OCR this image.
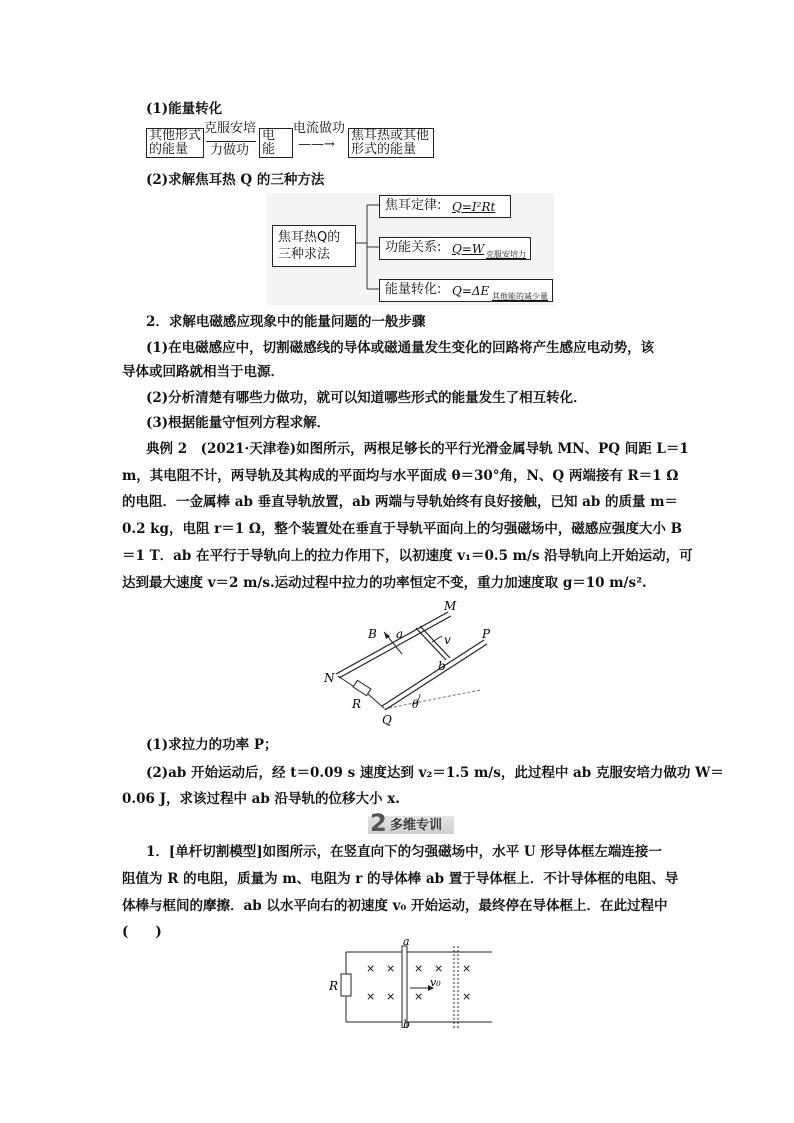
(1)能量转化
其他形式
的能量
克服安培
力做功
电
能
电流做功
——→
焦耳热或其他
形式的能量
(2)求解焦耳热 Q 的三种方法
焦耳热Q的
三种求法
焦耳定律: Q=I²Rt
功能关系: Q=W 克服安培力
能量转化: Q=ΔE 其他能的减少量
2．求解电磁感应现象中的能量问题的一般步骤
(1)在电磁感应中，切割磁感线的导体或磁通量发生变化的回路将产生感应电动势，该
导体或回路就相当于电源．
(2)分析清楚有哪些力做功，就可以知道哪些形式的能量发生了相互转化．
(3)根据能量守恒列方程求解．
典例 2　(2021·天津卷)如图所示，两根足够长的平行光滑金属导轨 MN、PQ 间距 L＝1
m，其电阻不计，两导轨及其构成的平面均与水平面成 θ＝30°角，N、Q 两端接有 R＝1 Ω
的电阻．一金属棒 ab 垂直导轨放置，ab 两端与导轨始终有良好接触，已知 ab 的质量 m＝
0.2 kg，电阻 r＝1 Ω，整个装置处在垂直于导轨平面向上的匀强磁场中，磁感应强度大小 B
＝1 T．ab 在平行于导轨向上的拉力作用下，以初速度 v₁＝0.5 m/s 沿导轨向上开始运动，可
达到最大速度 v＝2 m/s.运动过程中拉力的功率恒定不变，重力加速度取 g＝10 m/s².
M
P
B a	v
b
N
R
Q
θ
(1)求拉力的功率 P；
(2)ab 开始运动后，经 t＝0.09 s 速度达到 v₂＝1.5 m/s，此过程中 ab 克服安培力做功 W＝
0.06 J，求该过程中 ab 沿导轨的位移大小 x.
2 多维专训
1．[单杆切割模型]如图所示，在竖直向下的匀强磁场中，水平 U 形导体框左端连接一
阻值为 R 的电阻，质量为 m、电阻为 r 的导体棒 ab 置于导体框上．不计导体框的电阻、导
体棒与框间的摩擦．ab 以水平向右的初速度 v₀ 开始运动，最终停在导体框上．在此过程中
(　　)
a
b
R	v₀
× × × × ×
× × ×	×
